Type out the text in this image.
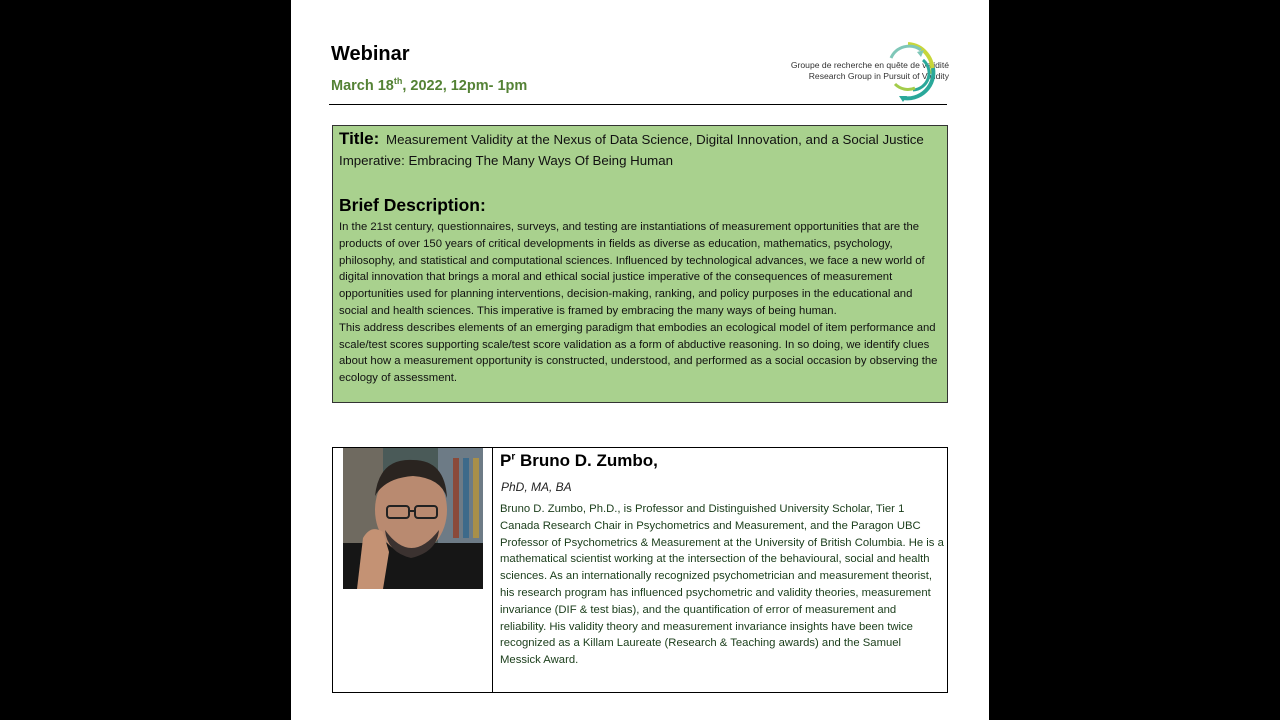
Webinar
March 18th, 2022, 12pm- 1pm
Groupe de recherche en quête de validité
Research Group in Pursuit of Validity
Measurement Validity at the Nexus of Data Science, Digital Innovation, and a Social Justice Imperative: Embracing The Many Ways Of Being Human
Title:
Brief Description:

In the 21st century, questionnaires, surveys, and testing are instantiations of measurement opportunities that are the products of over 150 years of critical developments in fields as diverse as education, mathematics, psychology, philosophy, and statistical and computational sciences. Influenced by technological advances, we face a new world of digital innovation that brings a moral and ethical social justice imperative of the consequences of measurement opportunities used for planning interventions, decision-making, ranking, and policy purposes in the educational and social and health sciences. This imperative is framed by embracing the many ways of being human.

This address describes elements of an emerging paradigm that embodies an ecological model of item performance and scale/test scores supporting scale/test score validation as a form of abductive reasoning. In so doing, we identify clues about how a measurement opportunity is constructed, understood, and performed as a social occasion by observing the ecology of assessment.

$P^r$ Bruno D. Zumbo,
PhD, MA, BA
Bruno D. Zumbo, Ph.D., is Professor and Distinguished University Scholar, Tier 1 Canada Research Chair in Psychometrics and Measurement, and the Paragon UBC Professor of Psychometrics & Measurement at the University of British Columbia. He is a mathematical scientist working at the intersection of the behavioural, social and health sciences. As an internationally recognized psychometrician and measurement theorist, his research program has influenced psychometric and validity theories, measurement invariance (DIF & test bias), and the quantification of error of measurement and reliability. His validity theory and measurement invariance insights have been twice recognized as a Killam Laureate (Research & Teaching awards) and the Samuel Messick Award.
